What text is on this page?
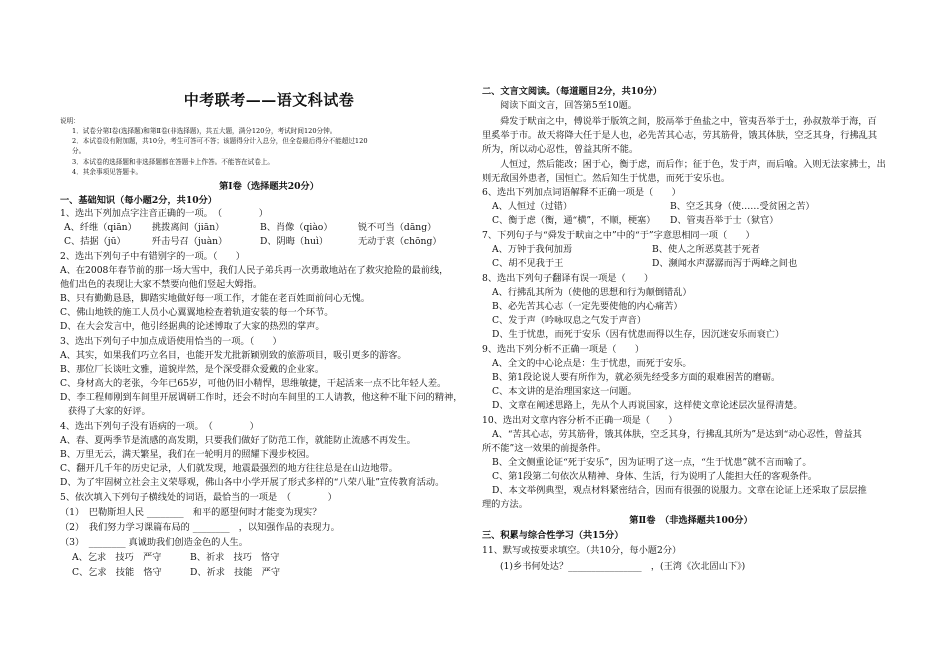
中考联考——语文科试卷
说明：
1．试卷分第Ⅰ卷(选择题)和第Ⅱ卷(非选择题)，共五大题，满分120分，考试时间120分钟。
2．本试卷设有附加题，共10分，考生可答可不答；该题得分计入总分，但全卷最后得分不能超过120
分。
3．本试卷的选择题和非选择题都在答题卡上作答。不能答在试卷上。
4．其余事项见答题卡。
第Ⅰ卷（选择题共20分）
一、基础知识（每小题2分，共10分）
1、选出下列加点字注音正确的一项。　（　　　　）
A、纤维（qiān）	挑拨离间（jiān）	B、肖像（qiào）	锐不可当（dāng）
C、拮据（jū）	歼击号召（juàn）	D、阴晦（huì）	无动于衷（chōng）
2、选出下列句子中有错别字的一项。（　　）
A、在2008年春节前的那一场大雪中，我们人民子弟兵再一次勇敢地站在了救灾抢险的最前线，
他们出色的表现让大家不禁要向他们竖起大姆指。
B、只有勤勤恳恳，脚踏实地做好每一项工作，才能在老百姓面前问心无愧。
C、佛山地铁的施工人员小心翼翼地检查着轨道安装的每一个环节。
D、在大会发言中，他引经据典的论述博取了大家的热烈的掌声。
3、选出下列句子中加点成语使用恰当的一项。（　　）
A、其实，如果我们巧立名目，也能开发尤批新颖别致的旅游项目，吸引更多的游客。
B、那位厂长谈吐文雅，道貌岸然，是个深受群众爱戴的企业家。
C、身材高大的老张，今年已65岁，可他仍旧小精悍，思维敏捷，干起活来一点不比年轻人差。
D、李工程师刚到车间里开展调研工作时，还会不时向车间里的工人请教，他这种不耻下问的精神，
获得了大家的好评。
4、选出下列句子没有语病的一项。　（　　　　）
A、春、夏两季节是流感的高发期，只要我们做好了防范工作，就能防止流感不再发生。
B、万里无云，满天繁星，我们在一轮明月的照耀下漫步校园。
C、翻开几千年的历史记录，人们就发现，地震最强烈的地方往往总是在山边地带。
D、为了牢固树立社会主义荣辱观，佛山各中小学开展了形式多样的“八荣八耻”宣传教育活动。
5、依次填入下列句子横线处的词语，最恰当的一项是　（　　　　）
（1）　巴勒斯坦人民 ________　和平的愿望何时才能变为现实？
（2）　我们努力学习课篇布局的 ________　，以知强作品的表现力。
（3）　________ 真诚助我们创造金色的人生。
A、乞求　技巧　严守	B、祈求　技巧　恪守
C、乞求　技能　恪守	D、祈求　技能　严守
二、文言文阅读。（每道题目2分，共10分）
阅读下面文言，回答第5至10题。
舜发于畎亩之中，傅说举于版筑之间，胶鬲举于鱼盐之中，管夷吾举于士，孙叔敖举于海，百
里奚举于市。故天将降大任于是人也，必先苦其心志，劳其筋骨，饿其体肤，空乏其身，行拂乱其
所为，所以动心忍性，曾益其所不能。
人恒过，然后能改；困于心，衡于虑，而后作；征于色，发于声，而后喻。入则无法家拂士，出
则无敌国外患者，国恒亡。然后知生于忧患，而死于安乐也。
6、选出下列加点词语解释不正确一项是（　　）
A、人恒过（过错）	B、空乏其身（使……受贫困之苦）
C、衡于虑（衡，通“横”，不顺，梗塞）	D、管夷吾举于士（狱官）
7、下列句子与“舜发于畎亩之中”中的“于”字意思相同一项（　　）
A、万钟于我何加焉	B、使人之所恶莫甚于死者
C、胡不见我于王	D、濒闻水声潺潺而泻于两峰之间也
8、选出下列句子翻译有误一项是（　　）
A、行拂乱其所为（使他的思想和行为颠倒错乱）
B、必先苦其心志（一定先要使他的内心痛苦）
C、发于声（吟咏叹息之气发于声音）
D、生于忧患，而死于安乐（因有忧患而得以生存，因沉迷安乐而衰亡）
9、选出下列分析不正确一项是（　　）
A、全文的中心论点是：生于忧患，而死于安乐。
B、第1段论说人要有所作为，就必须先经受多方面的艰难困苦的磨砺。
C、本文讲的是治理国家这一问题。
D、文章在阐述思路上，先从个人再说国家，这样使文章论述层次显得清楚。
10、选出对文章内容分析不正确一项是（　　）
A、“苦其心志，劳其筋骨，饿其体肤，空乏其身，行拂乱其所为”是达到“动心忍性，曾益其
所不能”这一效果的前提条件。
B、全文侧重论证“死于安乐”，因为证明了这一点，“生于忧患”就不言而喻了。
C、第1段第二句依次从精神、身体、生活，行为说明了人能担大任的客观条件。
D、本文举例典型，观点材料紧密结合，因而有很强的说服力。文章在论证上还采取了层层推
理的方法。
第Ⅱ卷　（非选择题共100分）
三、积累与综合性学习（共15分）
11、默写或按要求填空。（共10分，每小题2分）
(1)乡书何处达？________________　，(王湾《次北固山下》)
